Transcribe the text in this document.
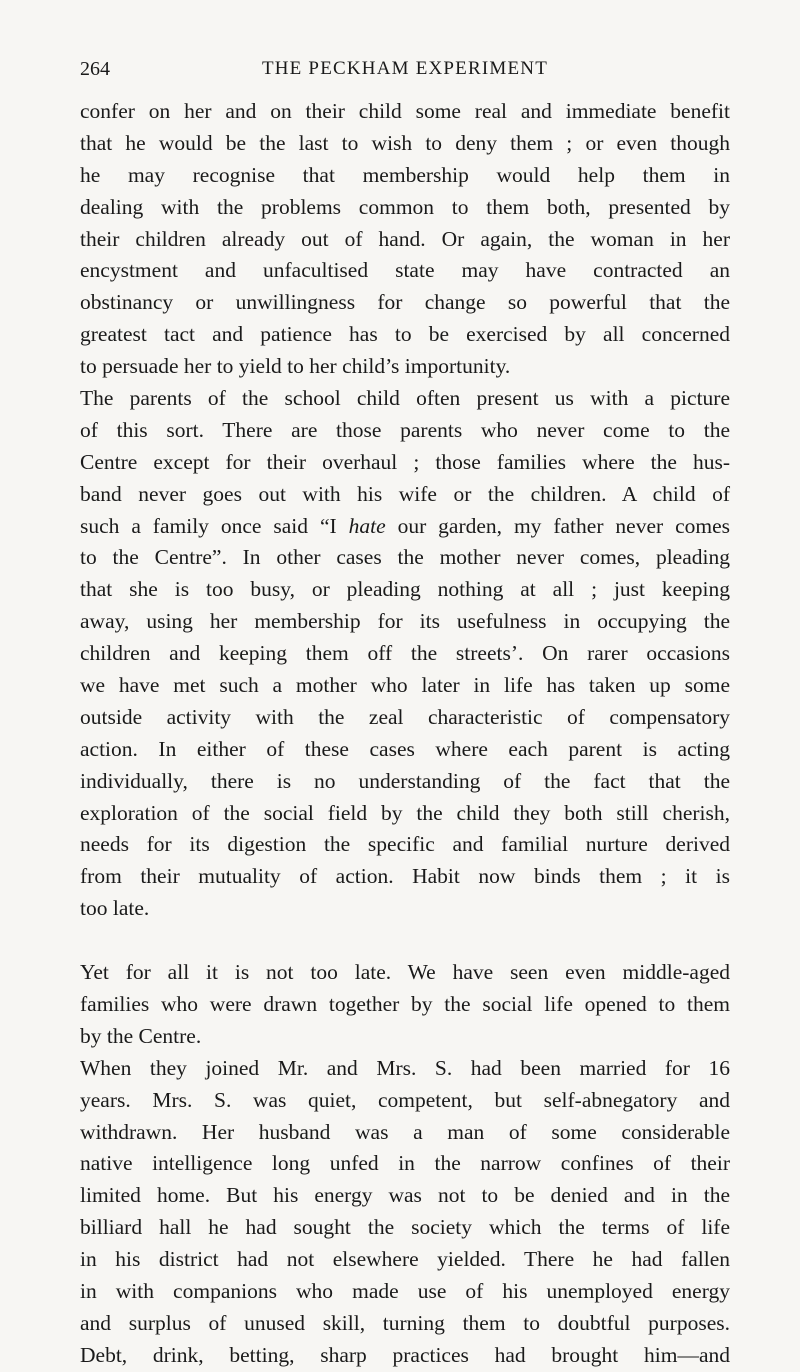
264	THE PECKHAM EXPERIMENT
confer on her and on their child some real and immediate benefit
that he would be the last to wish to deny them ; or even though
he may recognise that membership would help them in
dealing with the problems common to them both, presented by
their children already out of hand. Or again, the woman in her
encystment and unfacultised state may have contracted an
obstinancy or unwillingness for change so powerful that the
greatest tact and patience has to be exercised by all concerned
to persuade her to yield to her child’s importunity.
The parents of the school child often present us with a picture
of this sort. There are those parents who never come to the
Centre except for their overhaul ; those families where the hus-
band never goes out with his wife or the children. A child of
such a family once said “I hate our garden, my father never comes
to the Centre”. In other cases the mother never comes, pleading
that she is too busy, or pleading nothing at all ; just keeping
away, using her membership for its usefulness in occupying the
children and keeping them off the streets’. On rarer occasions
we have met such a mother who later in life has taken up some
outside activity with the zeal characteristic of compensatory
action. In either of these cases where each parent is acting
individually, there is no understanding of the fact that the
exploration of the social field by the child they both still cherish,
needs for its digestion the specific and familial nurture derived
from their mutuality of action. Habit now binds them ; it is
too late.
Yet for all it is not too late. We have seen even middle-aged
families who were drawn together by the social life opened to them
by the Centre.
When they joined Mr. and Mrs. S. had been married for 16
years. Mrs. S. was quiet, competent, but self-abnegatory and
withdrawn. Her husband was a man of some considerable
native intelligence long unfed in the narrow confines of their
limited home. But his energy was not to be denied and in the
billiard hall he had sought the society which the terms of life
in his district had not elsewhere yielded. There he had fallen
in with companions who made use of his unemployed energy
and surplus of unused skill, turning them to doubtful purposes.
Debt, drink, betting, sharp practices had brought him—and
